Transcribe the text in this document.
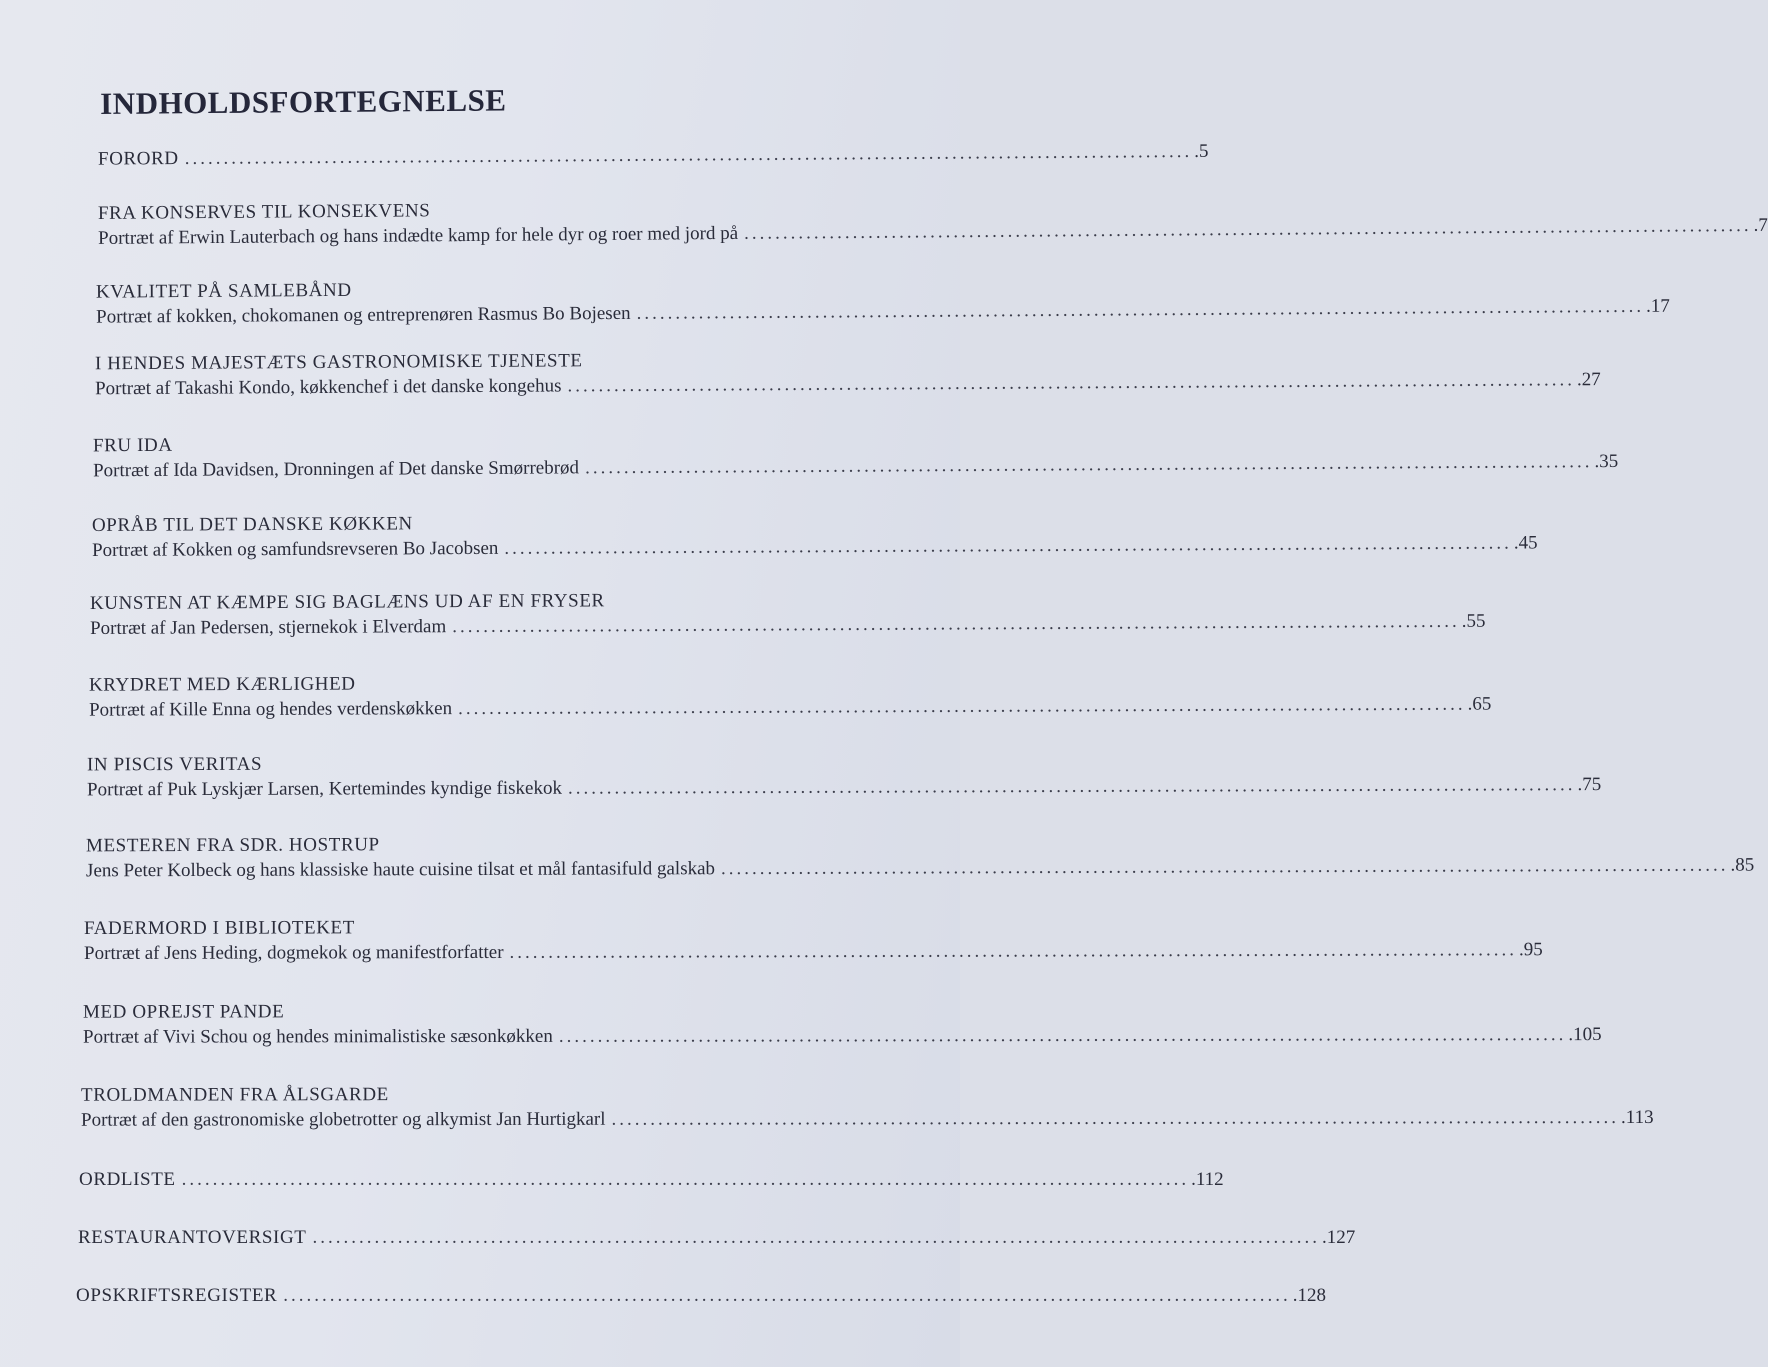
INDHOLDSFORTEGNELSE
FORORD .................................................................................................................................. .5
FRA KONSERVES TIL KONSEKVENS
Portræt af Erwin Lauterbach og hans indædte kamp for hele dyr og roer med jord på .................................................................................................................................. .7
KVALITET PÅ SAMLEBÅND
Portræt af kokken, chokomanen og entreprenøren Rasmus Bo Bojesen .................................................................................................................................. .17
I HENDES MAJESTÆTS GASTRONOMISKE TJENESTE
Portræt af Takashi Kondo, køkkenchef i det danske kongehus .................................................................................................................................. .27
FRU IDA
Portræt af Ida Davidsen, Dronningen af Det danske Smørrebrød .................................................................................................................................. .35
OPRÅB TIL DET DANSKE KØKKEN
Portræt af Kokken og samfundsrevseren Bo Jacobsen .................................................................................................................................. .45
KUNSTEN AT KÆMPE SIG BAGLÆNS UD AF EN FRYSER
Portræt af Jan Pedersen, stjernekok i Elverdam .................................................................................................................................. .55
KRYDRET MED KÆRLIGHED
Portræt af Kille Enna og hendes verdenskøkken .................................................................................................................................. .65
IN PISCIS VERITAS
Portræt af Puk Lyskjær Larsen, Kertemindes kyndige fiskekok .................................................................................................................................. .75
MESTEREN FRA SDR. HOSTRUP
Jens Peter Kolbeck og hans klassiske haute cuisine tilsat et mål fantasifuld galskab .................................................................................................................................. .85
FADERMORD I BIBLIOTEKET
Portræt af Jens Heding, dogmekok og manifestforfatter .................................................................................................................................. .95
MED OPREJST PANDE
Portræt af Vivi Schou og hendes minimalistiske sæsonkøkken .................................................................................................................................. .105
TROLDMANDEN FRA ÅLSGARDE
Portræt af den gastronomiske globetrotter og alkymist Jan Hurtigkarl .................................................................................................................................. .113
ORDLISTE .................................................................................................................................. .112
RESTAURANTOVERSIGT .................................................................................................................................. .127
OPSKRIFTSREGISTER .................................................................................................................................. .128
